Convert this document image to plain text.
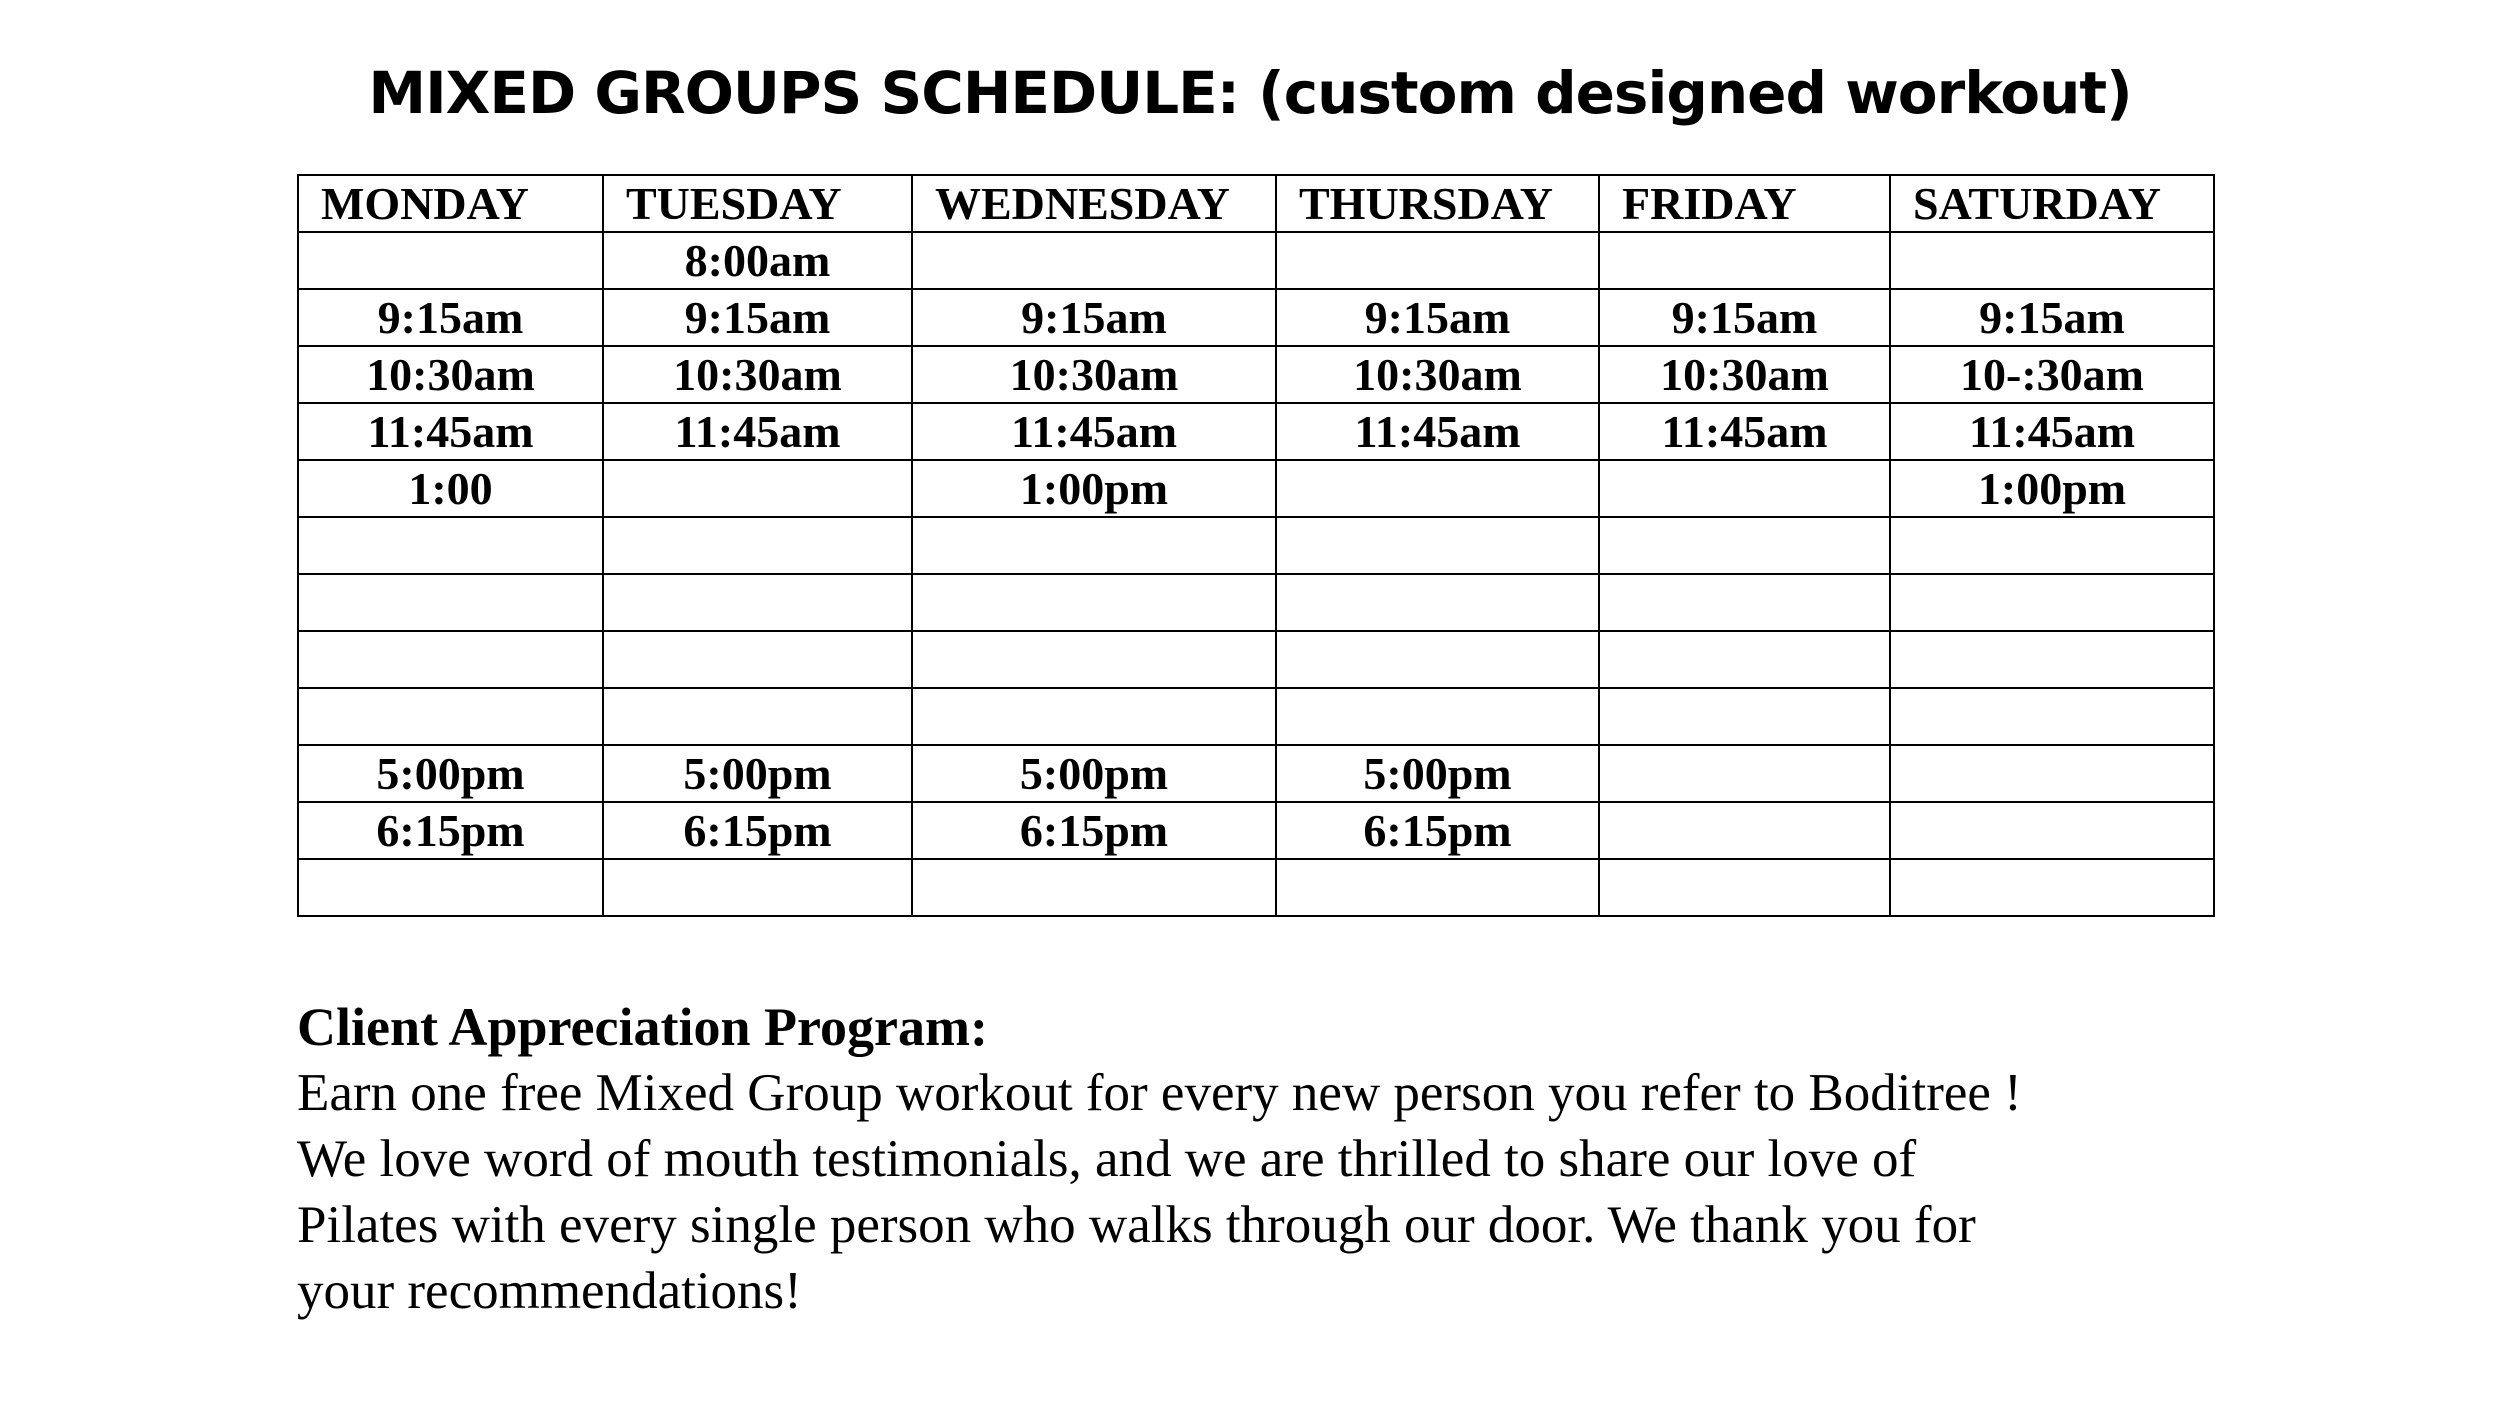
MIXED GROUPS SCHEDULE: (custom designed workout)
MONDAY	TUESDAY	WEDNESDAY	THURSDAY	FRIDAY	SATURDAY
	8:00am				
9:15am	9:15am	9:15am	9:15am	9:15am	9:15am
10:30am	10:30am	10:30am	10:30am	10:30am	10-:30am
11:45am	11:45am	11:45am	11:45am	11:45am	11:45am
1:00		1:00pm			1:00pm

5:00pm	5:00pm	5:00pm	5:00pm		
6:15pm	6:15pm	6:15pm	6:15pm		

Client Appreciation Program:

Earn one free Mixed Group workout for every new person you refer to Boditree !

We love word of mouth testimonials, and we are thrilled to share our love of

Pilates with every single person who walks through our door. We thank you for

your recommendations!
